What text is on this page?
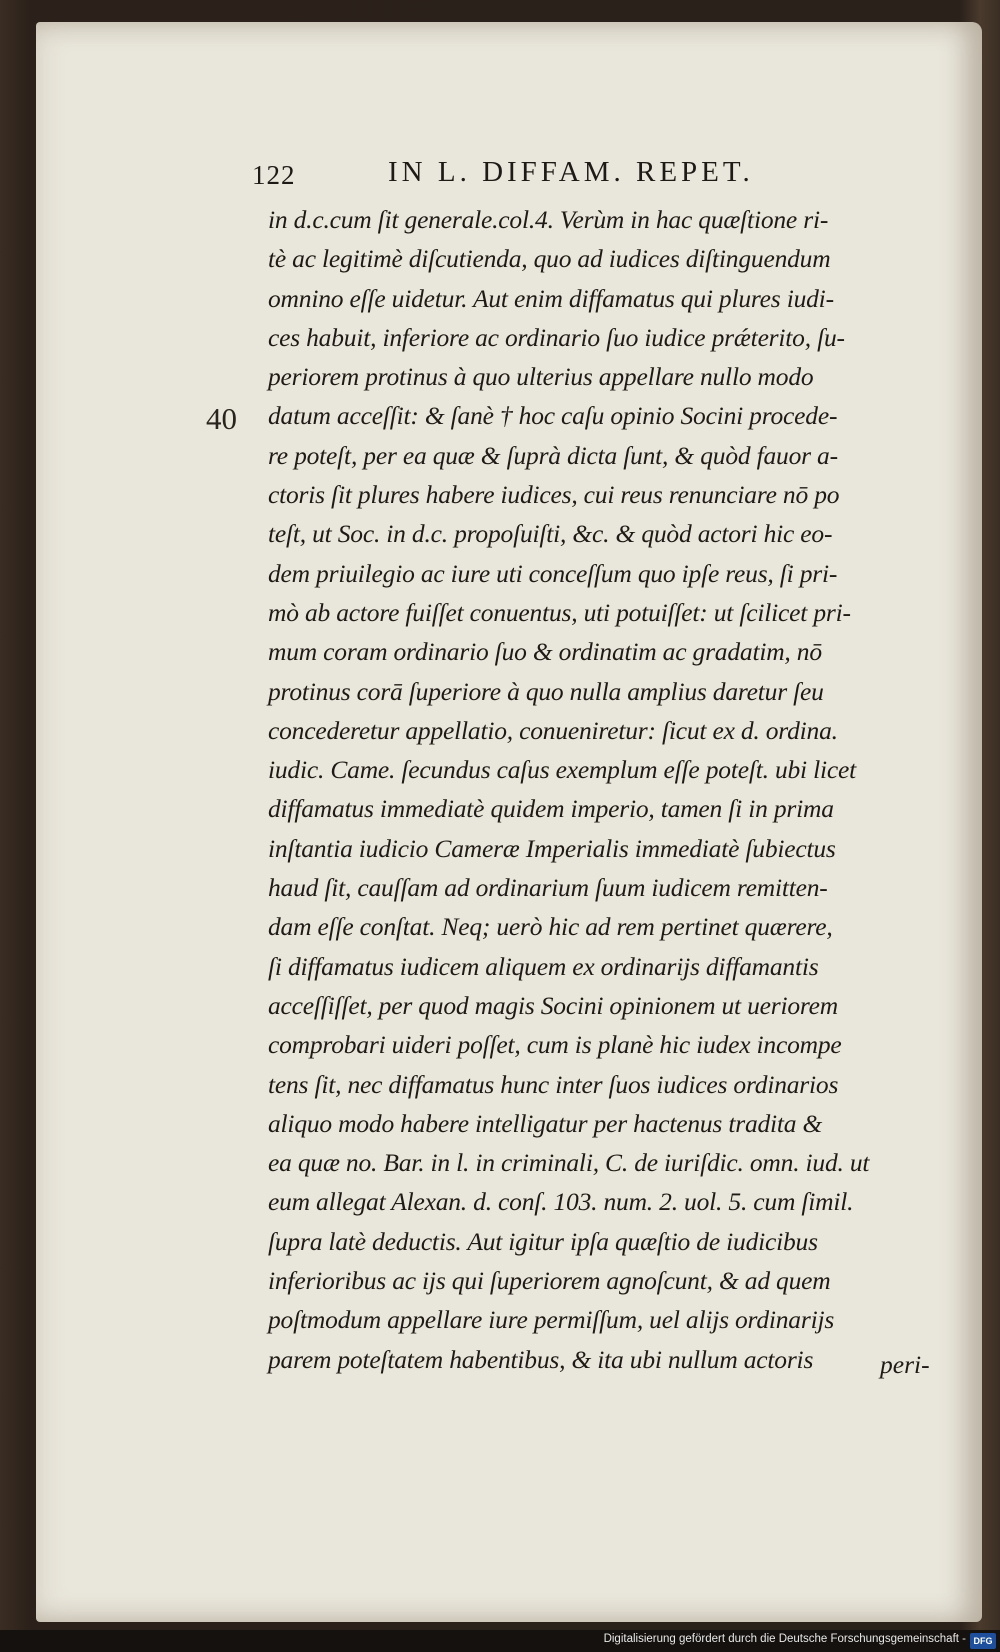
122	IN L. DIFFAM. REPET.
40
in d.c.cum ſit generale.col.4. Verùm in hac quæſtione ri-
tè ac legitimè diſcutienda, quo ad iudices diſtinguendum
omnino eſſe uidetur. Aut enim diffamatus qui plures iudi-
ces habuit, inferiore ac ordinario ſuo iudice prǽterito, ſu-
periorem protinus à quo ulterius appellare nullo modo
datum acceſſit: & ſanè † hoc caſu opinio Socini procede-
re poteſt, per ea quæ & ſuprà dicta ſunt, & quòd fauor a-
ctoris ſit plures habere iudices, cui reus renunciare nō po
teſt, ut Soc. in d.c. propoſuiſti, &c. & quòd actori hic eo-
dem priuilegio ac iure uti conceſſum quo ipſe reus, ſi pri-
mò ab actore fuiſſet conuentus, uti potuiſſet: ut ſcilicet pri-
mum coram ordinario ſuo & ordinatim ac gradatim, nō
protinus corā ſuperiore à quo nulla amplius daretur ſeu
concederetur appellatio, conueniretur: ſicut ex d. ordina.
iudic. Came. ſecundus caſus exemplum eſſe poteſt. ubi licet
diffamatus immediatè quidem imperio, tamen ſi in prima
inſtantia iudicio Cameræ Imperialis immediatè ſubiectus
haud ſit, cauſſam ad ordinarium ſuum iudicem remitten-
dam eſſe conſtat. Neq; uerò hic ad rem pertinet quærere,
ſi diffamatus iudicem aliquem ex ordinarijs diffamantis
acceſſiſſet, per quod magis Socini opinionem ut ueriorem
comprobari uideri poſſet, cum is planè hic iudex incompe
tens ſit, nec diffamatus hunc inter ſuos iudices ordinarios
aliquo modo habere intelligatur per hactenus tradita &
ea quæ no. Bar. in l. in criminali, C. de iuriſdic. omn. iud. ut
eum allegat Alexan. d. conſ. 103. num. 2. uol. 5. cum ſimil.
ſupra latè deductis. Aut igitur ipſa quæſtio de iudicibus
inferioribus ac ijs qui ſuperiorem agnoſcunt, & ad quem
poſtmodum appellare iure permiſſum, uel alijs ordinarijs
parem poteſtatem habentibus, & ita ubi nullum actoris	peri-
Digitalisierung gefördert durch die Deutsche Forschungsgemeinschaft - DFG
